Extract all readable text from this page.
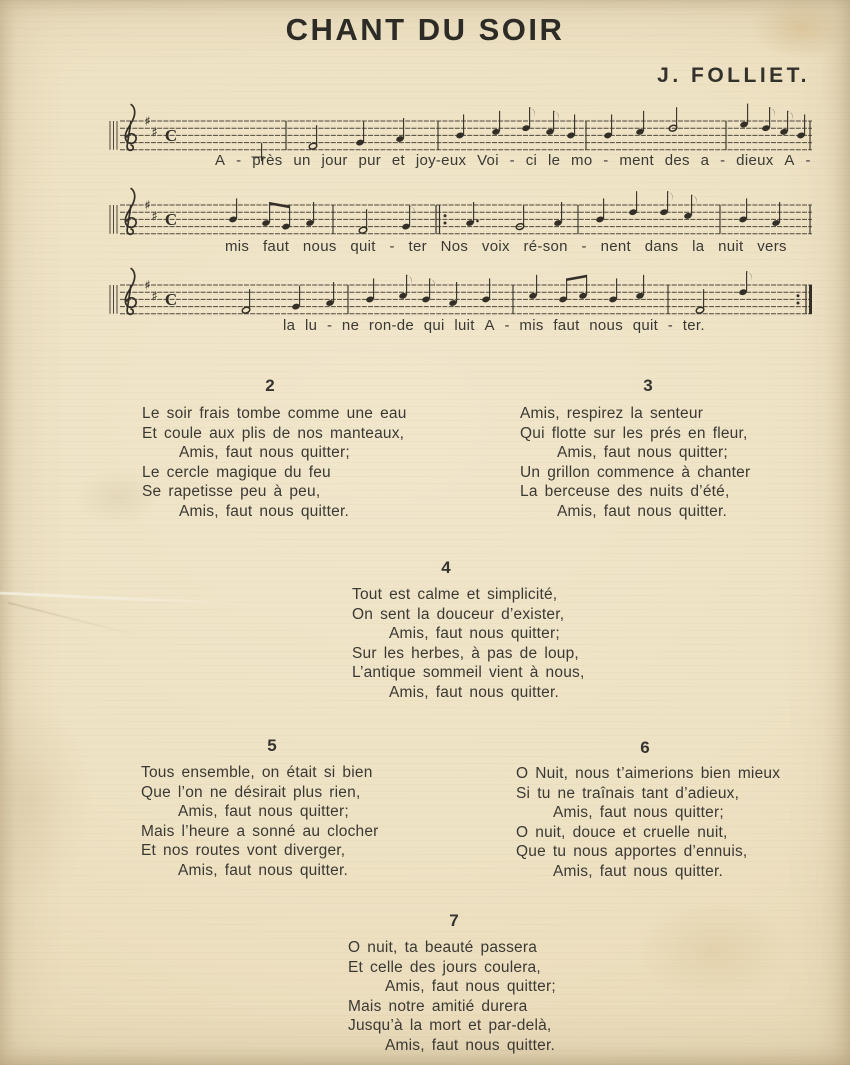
CHANT DU SOIR
J. FOLLIET.
♯
♯ C
A - près un jour pur et joy-eux Voi - ci le mo - ment des a - dieux A -
♯
♯ C
mis faut nous quit - ter Nos voix ré-son - nent dans la nuit vers
♯
♯ C
la lu - ne ron-de qui luit A - mis faut nous quit - ter.
2
Le soir frais tombe comme une eau
Et coule aux plis de nos manteaux,
Amis, faut nous quitter;
Le cercle magique du feu
Se rapetisse peu à peu,
Amis, faut nous quitter.
3
Amis, respirez la senteur
Qui flotte sur les prés en fleur,
Amis, faut nous quitter;
Un grillon commence à chanter
La berceuse des nuits d’été,
Amis, faut nous quitter.
4
Tout est calme et simplicité,
On sent la douceur d’exister,
Amis, faut nous quitter;
Sur les herbes, à pas de loup,
L’antique sommeil vient à nous,
Amis, faut nous quitter.
5
Tous ensemble, on était si bien
Que l’on ne désirait plus rien,
Amis, faut nous quitter;
Mais l’heure a sonné au clocher
Et nos routes vont diverger,
Amis, faut nous quitter.
6
O Nuit, nous t’aimerions bien mieux
Si tu ne traînais tant d’adieux,
Amis, faut nous quitter;
O nuit, douce et cruelle nuit,
Que tu nous apportes d’ennuis,
Amis, faut nous quitter.
7
O nuit, ta beauté passera
Et celle des jours coulera,
Amis, faut nous quitter;
Mais notre amitié durera
Jusqu’à la mort et par-delà,
Amis, faut nous quitter.
